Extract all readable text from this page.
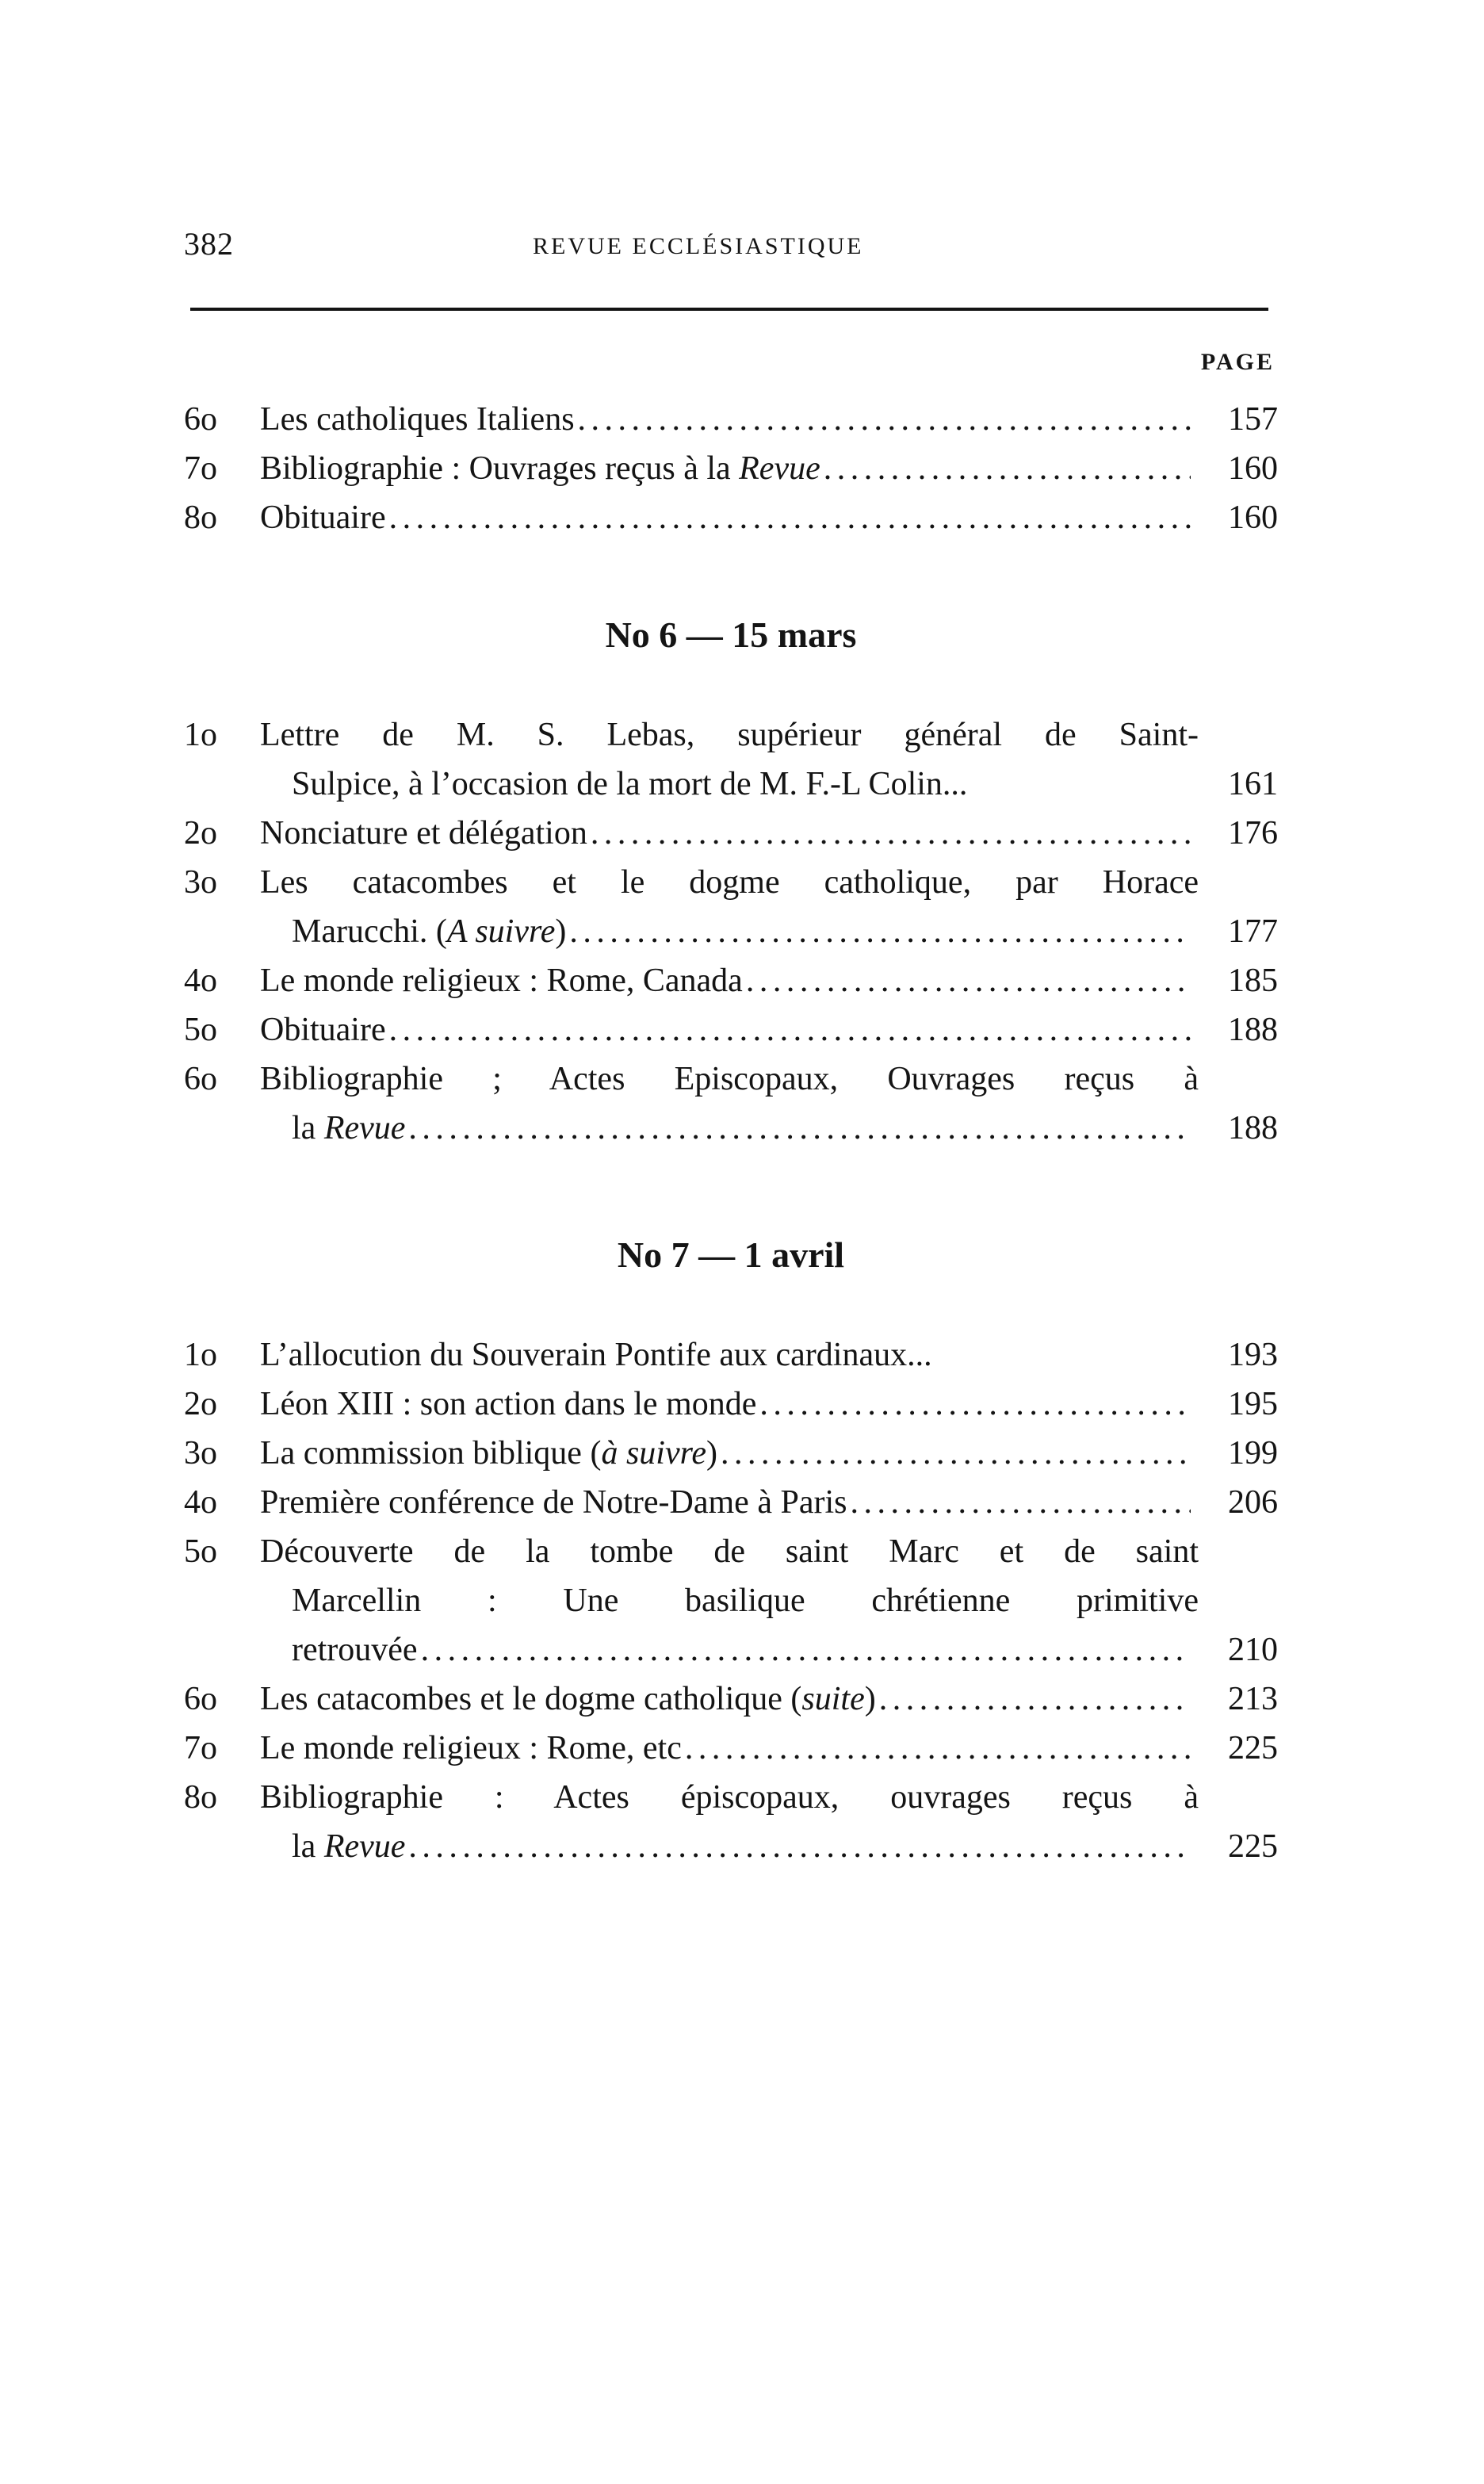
382	REVUE ECCLÉSIASTIQUE
PAGE
6o	Les catholiques Italiens . . .	157
7o	Bibliographie : Ouvrages reçus à la Revue . . .	160
8o	Obituaire . . .	160
No 6 — 15 mars
1o	Lettre de M. S. Lebas, supérieur général de Saint-
Sulpice, à l’occasion de la mort de M. F.-L Colin...	161
2o	Nonciature et délégation . . .	176
3o	Les catacombes et le dogme catholique, par Horace
Marucchi. (A suivre) . . .	177
4o	Le monde religieux : Rome, Canada . . .	185
5o	Obituaire . . .	188
6o	Bibliographie ; Actes Episcopaux, Ouvrages reçus à
la Revue . . .	188
No 7 — 1 avril
1o	L’allocution du Souverain Pontife aux cardinaux...	193
2o	Léon XIII : son action dans le monde . . .	195
3o	La commission biblique (à suivre) . . .	199
4o	Première conférence de Notre-Dame à Paris . . .	206
5o	Découverte de la tombe de saint Marc et de saint
Marcellin : Une basilique chrétienne primitive
retrouvée . . .	210
6o	Les catacombes et le dogme catholique (suite) . . .	213
7o	Le monde religieux : Rome, etc . . .	225
8o	Bibliographie : Actes épiscopaux, ouvrages reçus à
la Revue . . .	225
